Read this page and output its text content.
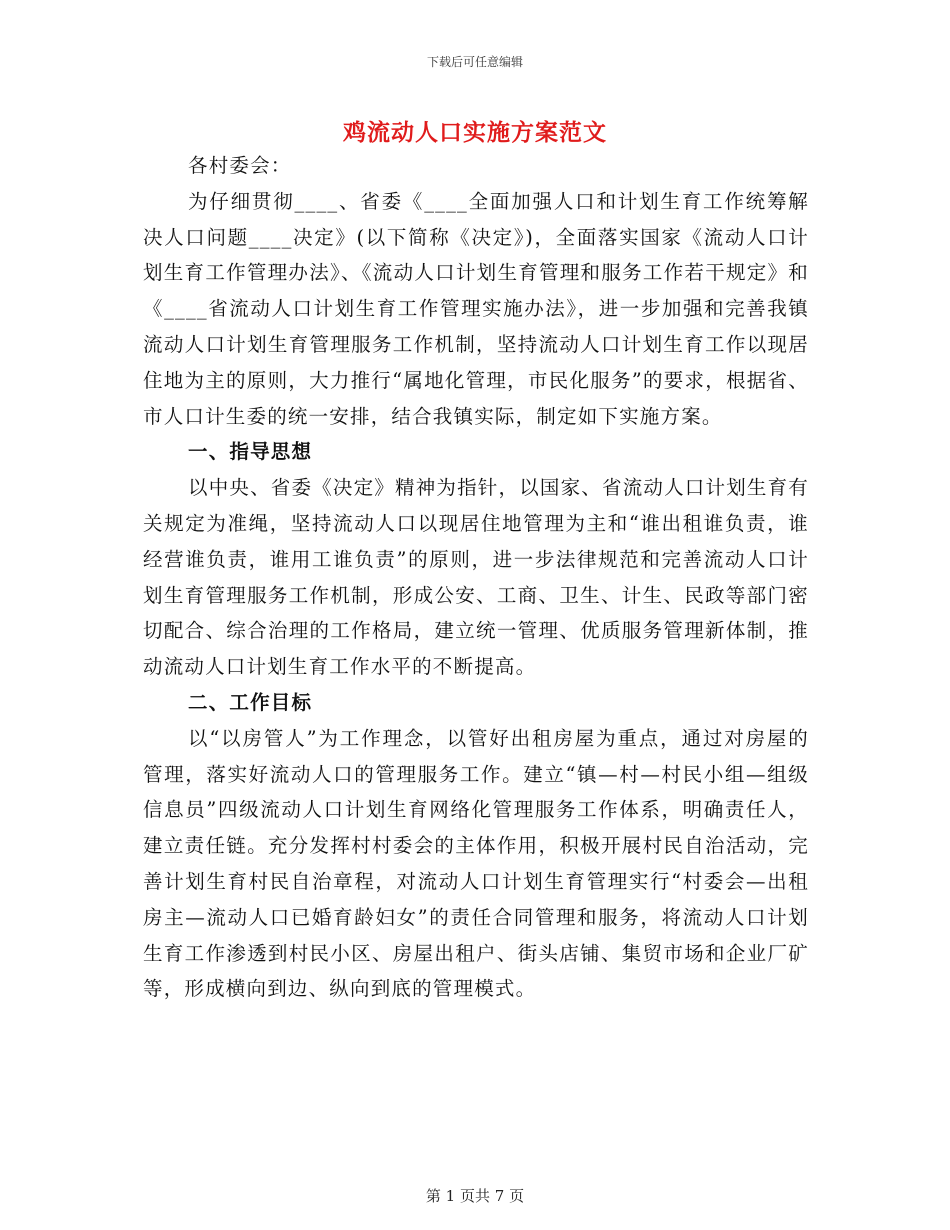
下载后可任意编辑
鸡流动人口实施方案范文

各村委会：

为仔细贯彻____、省委《____全面加强人口和计划生育工作统筹解决人口问题____决定》(以下简称《决定》)，全面落实国家《流动人口计划生育工作管理办法》、《流动人口计划生育管理和服务工作若干规定》和《____省流动人口计划生育工作管理实施办法》，进一步加强和完善我镇流动人口计划生育管理服务工作机制，坚持流动人口计划生育工作以现居住地为主的原则，大力推行“属地化管理，市民化服务”的要求，根据省、市人口计生委的统一安排，结合我镇实际，制定如下实施方案。

一、指导思想

以中央、省委《决定》精神为指针，以国家、省流动人口计划生育有关规定为准绳，坚持流动人口以现居住地管理为主和“谁出租谁负责，谁经营谁负责，谁用工谁负责”的原则，进一步法律规范和完善流动人口计划生育管理服务工作机制，形成公安、工商、卫生、计生、民政等部门密切配合、综合治理的工作格局，建立统一管理、优质服务管理新体制，推动流动人口计划生育工作水平的不断提高。

二、工作目标

以“以房管人”为工作理念，以管好出租房屋为重点，通过对房屋的管理，落实好流动人口的管理服务工作。建立“镇—村—村民小组—组级信息员”四级流动人口计划生育网络化管理服务工作体系，明确责任人，建立责任链。充分发挥村村委会的主体作用，积极开展村民自治活动，完善计划生育村民自治章程，对流动人口计划生育管理实行“村委会—出租房主—流动人口已婚育龄妇女”的责任合同管理和服务，将流动人口计划生育工作渗透到村民小区、房屋出租户、街头店铺、集贸市场和企业厂矿等，形成横向到边、纵向到底的管理模式。

第 1 页共 7 页
